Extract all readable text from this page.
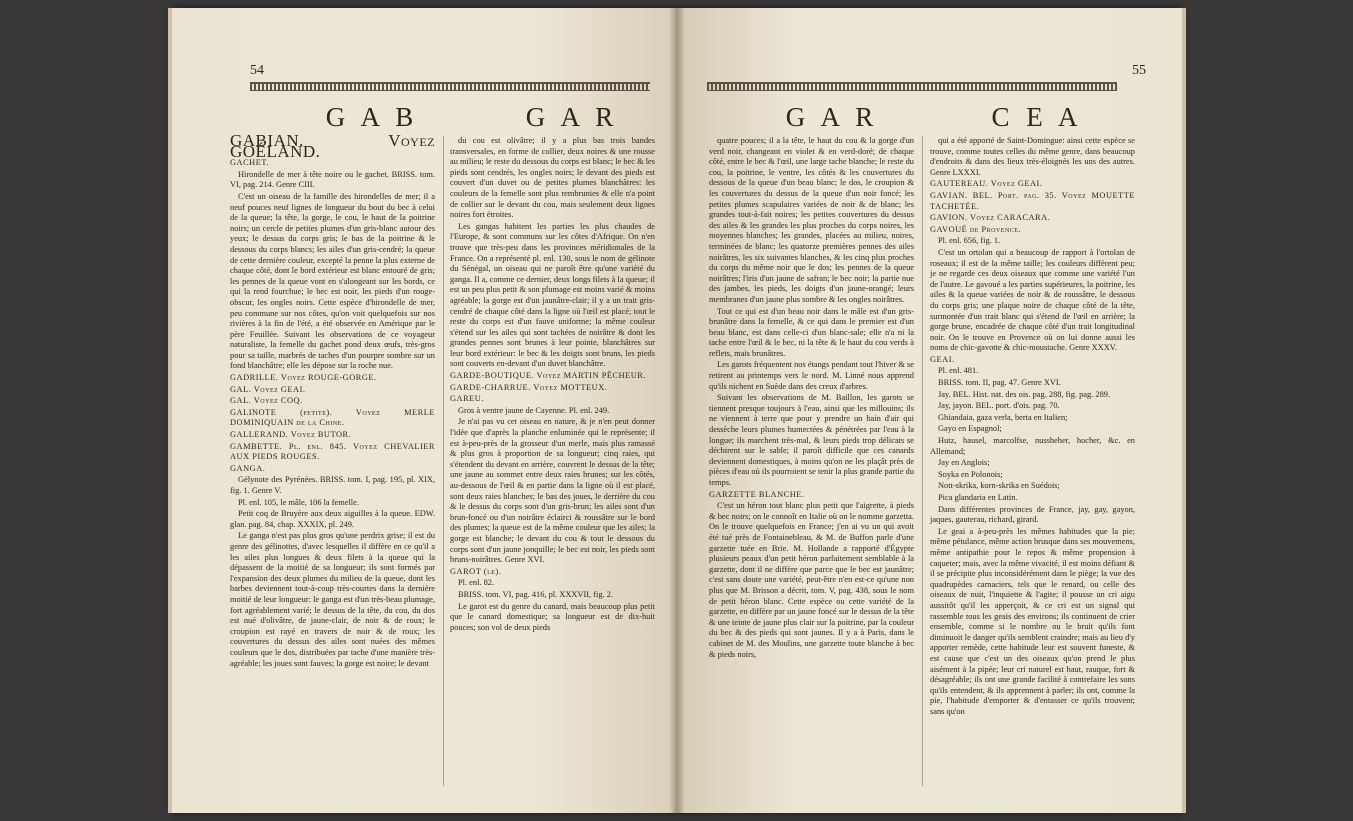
54
G A B	G A R

GABIAN. Voyez GOÉLAND.

GACHET.

Hirondelle de mer à tête noire ou le gachet. BRISS. tom. VI, pag. 214. Genre CIII.

C'est un oiseau de la famille des hirondelles de mer; il a neuf pouces neuf lignes de longueur du bout du bec à celui de la queue; la tête, la gorge, le cou, le haut de la poitrine noirs; un cercle de petites plumes d'un gris-blanc autour des yeux; le dessus du corps gris; le bas de la poitrine & le dessous du corps blancs; les ailes d'un gris-cendré; la queue de cette dernière couleur, excepté la penne la plus externe de chaque côté, dont le bord extérieur est blanc entouré de gris; les pennes de la queue vont en s'alongeant sur les bords, ce qui la rend fourchue; le bec est noir, les pieds d'un rouge-obscur, les ongles noirs. Cette espèce d'hirondelle de mer, peu commune sur nos côtes, qu'on voit quelquefois sur nos rivières à la fin de l'été, a été observée en Amérique par le père Feuillée. Suivant les observations de ce voyageur naturaliste, la femelle du gachet pond deux œufs, très-gros pour sa taille, marbrés de taches d'un pourpre sombre sur un fond blanchâtre; elle les dépose sur la roche nue.

GADRILLE. Voyez ROUGE-GORGE.

GAL. Voyez GEAI.

GAL. Voyez COQ.

GALINOTE (petite). Voyez MERLE DOMINIQUAIN de la Chine.

GALLERAND. Voyez BUTOR.

GAMBETTE. Pl. enl. 845. Voyez CHEVALIER AUX PIEDS ROUGES.

GANGA.

Gélynote des Pyrénées. BRISS. tom. I, pag. 195, pl. XIX, fig. 1. Genre V.

Pl. enl. 105, le mâle, 106 la femelle.

Petit coq de Bruyère aux deux aiguilles à la queue. EDW. glan. pag. 84, chap. XXXIX, pl. 249.

Le ganga n'est pas plus gros qu'une perdrix grise; il est du genre des gélinottes, d'avec lesquelles il diffère en ce qu'il a les ailes plus longues & deux filets à la queue qui la dépassent de la moitié de sa longueur; ils sont formés par l'expansion des deux plumes du milieu de la queue, dont les barbes deviennent tout-à-coup très-courtes dans la dernière moitié de leur longueur: le ganga est d'un très-beau plumage, fort agréablement varié; le dessus de la tête, du cou, du dos est nué d'olivâtre, de jaune-clair, de noir & de roux; le croupion est rayé en travers de noir & de roux; les couvertures du dessus des ailes sont nuées des mêmes couleurs que le dos, distribuées par tache d'une manière très-agréable; les joues sont fauves; la gorge est noire; le devant

du cou est olivâtre; il y a plus bas trois bandes transversales, en forme de collier, deux noires & une rousse au milieu; le reste du dessous du corps est blanc; le bec & les pieds sont cendrés, les ongles noirs; le devant des pieds est couvert d'un duvet ou de petites plumes blanchâtres: les couleurs de la femelle sont plus rembrunies & elle n'a point de collier sur le devant du cou, mais seulement deux lignes noires fort étroites.

Les gangas habitent les parties les plus chaudes de l'Europe, & sont communs sur les côtes d'Afrique. On n'en trouve que très-peu dans les provinces méridionales de la France. On a représenté pl. enl. 130, sous le nom de gélinote du Sénégal, un oiseau qui ne paroît être qu'une variété du ganga. Il a, comme ce dernier, deux longs filets à la queue; il est un peu plus petit & son plumage est moins varié & moins agréable; la gorge est d'un jaunâtre-clair; il y a un trait gris-cendré de chaque côté dans la ligne où l'œil est placé; tout le reste du corps est d'un fauve uniforme; la même couleur s'étend sur les ailes qui sont tachées de noirâtre & dont les grandes pennes sont brunes à leur pointe, blanchâtres sur leur bord extérieur: le bec & les doigts sont bruns, les pieds sont couverts en-devant d'un duvet blanchâtre.

GARDE-BOUTIQUE. Voyez MARTIN PÊCHEUR.

GARDE-CHARRUE. Voyez MOTTEUX.

GAREU.

Gros à ventre jaune de Cayenne. Pl. enl. 249.

Je n'ai pas vu cet oiseau en nature, & je n'en peut donner l'idée que d'après la planche enluminée qui le représente; il est à-peu-près de la grosseur d'un merle, mais plus ramassé & plus gros à proportion de sa longueur; cinq raies, qui s'étendent du devant en arrière, couvrent le dessus de la tête; une jaune au sommet entre deux raies brunes; sur les côtés, au-dessous de l'œil & en partie dans la ligne où il est placé, sont deux raies blanches; le bas des joues, le derrière du cou & le dessus du corps sont d'un gris-brun; les ailes sont d'un brun-foncé ou d'un noirâtre éclairci & roussâtre sur le bord des plumes; la queue est de la même couleur que les ailes; la gorge est blanche; le devant du cou & tout le dessous du corps sont d'un jaune jonquille; le bec est noir, les pieds sont bruns-noirâtres. Genre XVI.

GAROT (le).

Pl. enl. 82.

BRISS. tom. VI, pag. 416, pl. XXXVII, fig. 2.

Le garot est du genre du canard, mais beaucoup plus petit que le canard domestique; sa longueur est de dix-huit pouces; son vol de deux pieds

55
G A R	C E A

quatre pouces; il a la tête, le haut du cou & la gorge d'un verd noir, changeant en violet & en verd-doré; de chaque côté, entre le bec & l'œil, une large tache blanche; le reste du cou, la poitrine, le ventre, les côtés & les couvertures du dessous de la queue d'un beau blanc; le dos, le croupion & les couvertures du dessus de la queue d'un noir foncé; les petites plumes scapulaires variées de noir & de blanc; les grandes tout-à-fait noires; les petites couvertures du dessus des ailes & les grandes les plus proches du corps noires, les moyennes blanches; les grandes, placées au milieu, noires, terminées de blanc; les quatorze premières pennes des ailes noirâtres, les six suivantes blanches, & les cinq plus proches du corps du même noir que le dos; les pennes de la queue noirâtres; l'iris d'un jaune de safran; le bec noir; la partie nue des jambes, les pieds, les doigts d'un jaune-orangé; leurs membranes d'un jaune plus sombre & les ongles noirâtres.

Tout ce qui est d'un beau noir dans le mâle est d'un gris-brunâtre dans la femelle, & ce qui dans le premier est d'un beau blanc, est dans celle-ci d'un blanc-sale; elle n'a ni la tache entre l'œil & le bec, ni la tête & le haut du cou verds à reflets, mais brunâtres.

Les garots fréquentent nos étangs pendant tout l'hiver & se retirent au printemps vers le nord. M. Linné nous apprend qu'ils nichent en Suède dans des creux d'arbres.

Suivant les observations de M. Baillon, les garots se tiennent presque toujours à l'eau, ainsi que les millouins; ils ne viennent à terre que pour y prendre un bain d'air qui dessèche leurs plumes humectées & pénétrées par l'eau à la longue; ils marchent très-mal, & leurs pieds trop délicats se déchirent sur le sable; il paroît difficile que ces canards deviennent domestiques, à moins qu'on ne les plaçât près de pièces d'eau où ils pourroient se tenir la plus grande partie du temps.

GARZETTE BLANCHE.

C'est un héron tout blanc plus petit que l'aigrette, à pieds & bec noirs; on le connoît en Italie où on le nomme garzetta. On le trouve quelquefois en France; j'en ai vu un qui avoit été tué près de Fontainebleau, & M. de Buffon parle d'une garzette tuée en Brie. M. Hollande a rapporté d'Égypte plusieurs peaux d'un petit héron parfaitement semblable à la garzette, dont il ne diffère que parce que le bec est jaunâtre; c'est sans doute une variété, peut-être n'en est-ce qu'une non plus que M. Brisson a décrit, tom. V, pag. 438, sous le nom de petit héron blanc. Cette espèce ou cette variété de la garzette, en diffère par un jaune foncé sur le dessus de la tête & une teinte de jaune plus clair sur la poitrine, par la couleur du bec & des pieds qui sont jaunes. Il y a à Paris, dans le cabinet de M. des Moulins, une garzette toute blanche à bec & pieds noirs,

qui a été apporté de Saint-Domingue: ainsi cette espèce se trouve, comme toutes celles du même genre, dans beaucoup d'endroits & dans des lieux très-éloignés les uns des autres. Genre LXXXI.

GAUTEREAU. Voyez GEAI.

GAVIAN. BEL. Port. pag. 35. Voyez MOUETTE TACHETÉE.

GAVION. Voyez CARACARA.

GAVOUÉ de Provence.

Pl. enl. 656, fig. 1.

C'est un ortolan qui a beaucoup de rapport à l'ortolan de roseaux; il est de la même taille; les couleurs diffèrent peu; je ne regarde ces deux oiseaux que comme une variété l'un de l'autre. Le gavoué a les parties supérieures, la poitrine, les ailes & la queue variées de noir & de roussâtre, le dessous du corps gris; une plaque noire de chaque côté de la tête, surmontée d'un trait blanc qui s'étend de l'œil en arrière; la gorge brune, encadrée de chaque côté d'un trait longitudinal noir. On le trouve en Provence où on lui donne aussi les noms de chic-gavotte & chic-moustache. Genre XXXV.

GEAI.

Pl. enl. 481.

BRISS. tom. II, pag. 47. Genre XVI.

Jay. BEL. Hist. nat. des ois. pag. 288, fig. pag. 289.

Jay, jayon. BEL. port. d'ois. pag. 70.

Ghiandaia, gaza verla, berta en Italien;

Gayo en Espagnol;

Hutz, hausel, marcolfse, nussheher, hocher, &c. en Allemand;

Jay en Anglois;

Soyka en Polonois;

Nott-skrika, korn-skrika en Suédois;

Pica glandaria en Latin.

Dans différentes provinces de France, jay, gay, gayon, jaques, gauterau, richard, girard.

Le geai a à-peu-près les mêmes habitudes que la pie; même pétulance, même action brusque dans ses mouvemens, même antipathie pour le repos & même propension à caqueter; mais, avec la même vivacité, il est moins défiant & il se précipite plus inconsidérément dans le piège; la vue des quadrupèdes carnaciers, tels que le renard, ou celle des oiseaux de nuit, l'inquiette & l'agite; il pousse un cri aigu aussitôt qu'il les apperçoit, & ce cri est un signal qui rassemble tous les geais des environs; ils continuent de crier ensemble, comme si le nombre ou le bruit qu'ils font diminuoit le danger qu'ils semblent craindre; mais au lieu d'y apporter remède, cette habitude leur est souvent funeste, & est cause que c'est un des oiseaux qu'on prend le plus aisément à la pipée; leur cri naturel est haut, rauque, fort & désagréable; ils ont une grande facilité à contrefaire les sons qu'ils entendent, & ils apprennent à parler; ils ont, comme la pie, l'habitude d'emporter & d'entasser ce qu'ils trouvent; sans qu'on
